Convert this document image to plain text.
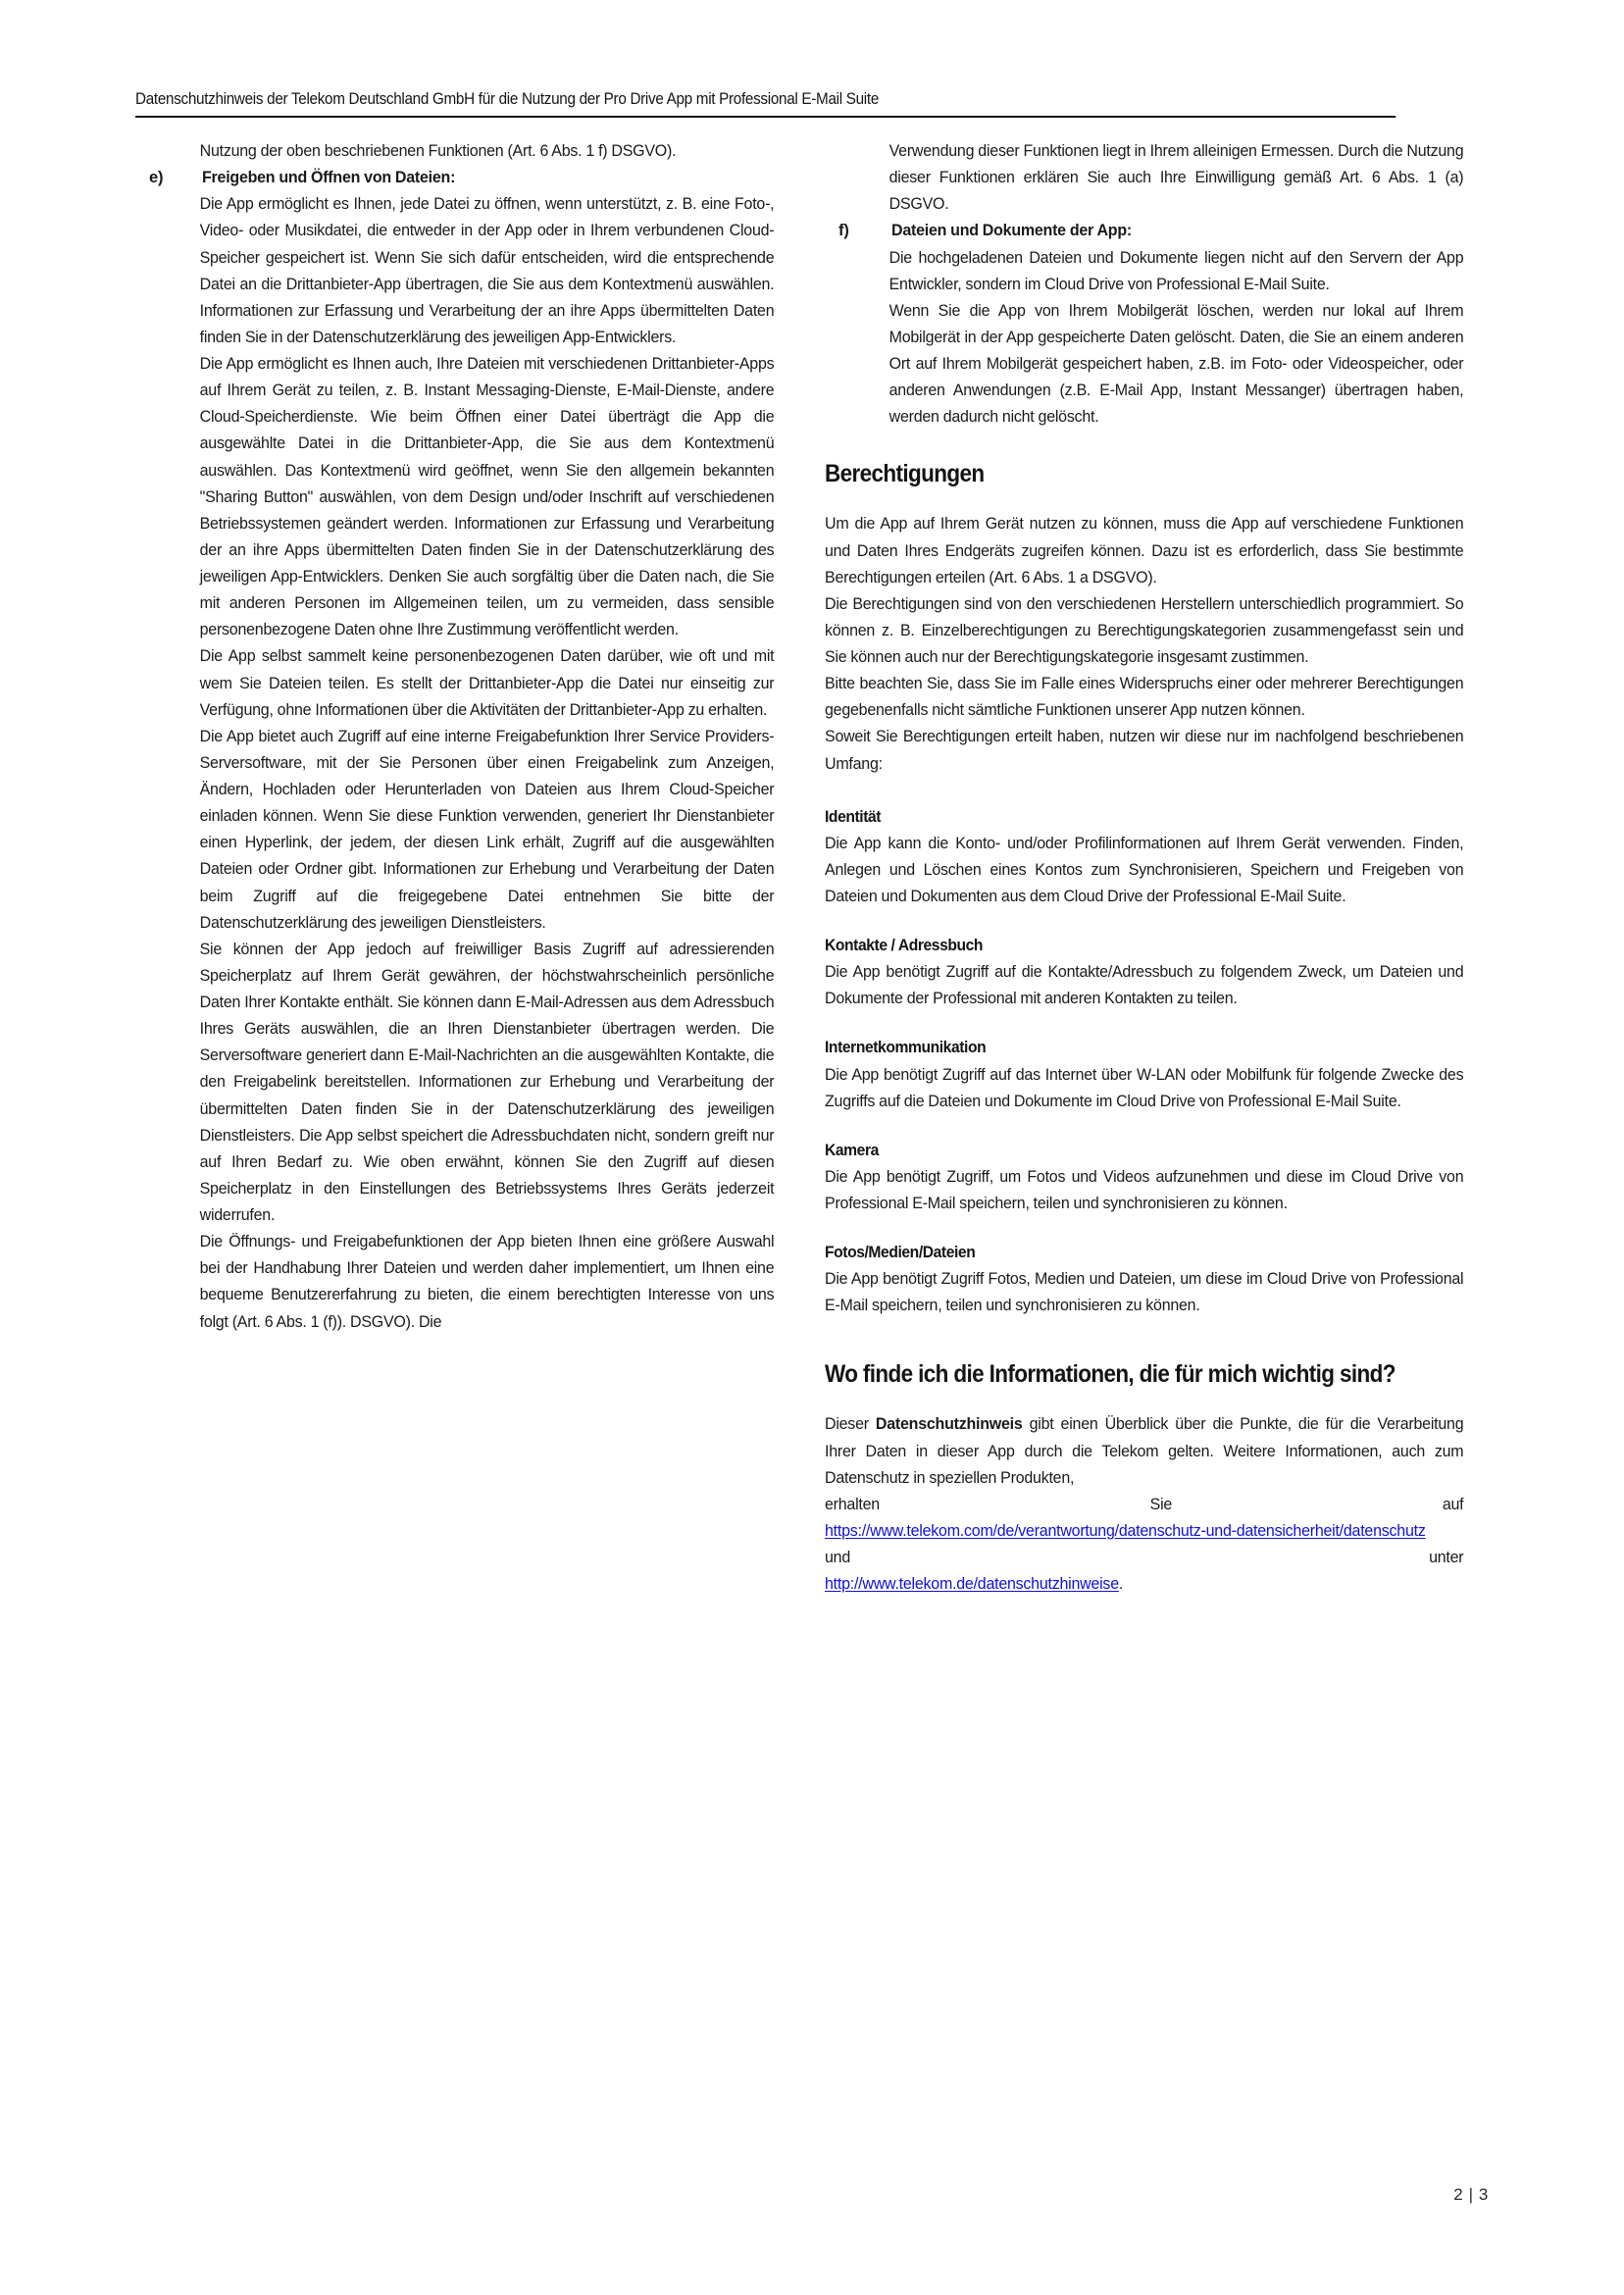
Datenschutzhinweis der Telekom Deutschland GmbH für die Nutzung der Pro Drive App mit Professional E-Mail Suite

Nutzung der oben beschriebenen Funktionen (Art. 6 Abs. 1 f) DSGVO).

e)	Freigeben und Öffnen von Dateien:

Die App ermöglicht es Ihnen, jede Datei zu öffnen, wenn unterstützt, z. B. eine Foto-, Video- oder Musikdatei, die entweder in der App oder in Ihrem verbundenen Cloud-Speicher gespeichert ist. Wenn Sie sich dafür entscheiden, wird die entsprechende Datei an die Drittanbieter-App übertragen, die Sie aus dem Kontextmenü auswählen. Informationen zur Erfassung und Verarbeitung der an ihre Apps übermittelten Daten finden Sie in der Datenschutzerklärung des jeweiligen App-Entwicklers.

Die App ermöglicht es Ihnen auch, Ihre Dateien mit verschiedenen Drittanbieter-Apps auf Ihrem Gerät zu teilen, z. B. Instant Messaging-Dienste, E-Mail-Dienste, andere Cloud-Speicherdienste. Wie beim Öffnen einer Datei überträgt die App die ausgewählte Datei in die Drittanbieter-App, die Sie aus dem Kontextmenü auswählen. Das Kontextmenü wird geöffnet, wenn Sie den allgemein bekannten "Sharing Button" auswählen, von dem Design und/oder Inschrift auf verschiedenen Betriebssystemen geändert werden. Informationen zur Erfassung und Verarbeitung der an ihre Apps übermittelten Daten finden Sie in der Datenschutzerklärung des jeweiligen App-Entwicklers. Denken Sie auch sorgfältig über die Daten nach, die Sie mit anderen Personen im Allgemeinen teilen, um zu vermeiden, dass sensible personenbezogene Daten ohne Ihre Zustimmung veröffentlicht werden.

Die App selbst sammelt keine personenbezogenen Daten darüber, wie oft und mit wem Sie Dateien teilen. Es stellt der Drittanbieter-App die Datei nur einseitig zur Verfügung, ohne Informationen über die Aktivitäten der Drittanbieter-App zu erhalten.

Die App bietet auch Zugriff auf eine interne Freigabefunktion Ihrer Service Providers-Serversoftware, mit der Sie Personen über einen Freigabelink zum Anzeigen, Ändern, Hochladen oder Herunterladen von Dateien aus Ihrem Cloud-Speicher einladen können. Wenn Sie diese Funktion verwenden, generiert Ihr Dienstanbieter einen Hyperlink, der jedem, der diesen Link erhält, Zugriff auf die ausgewählten Dateien oder Ordner gibt. Informationen zur Erhebung und Verarbeitung der Daten beim Zugriff auf die freigegebene Datei entnehmen Sie bitte der Datenschutzerklärung des jeweiligen Dienstleisters.

Sie können der App jedoch auf freiwilliger Basis Zugriff auf adressierenden Speicherplatz auf Ihrem Gerät gewähren, der höchstwahrscheinlich persönliche Daten Ihrer Kontakte enthält. Sie können dann E-Mail-Adressen aus dem Adressbuch Ihres Geräts auswählen, die an Ihren Dienstanbieter übertragen werden. Die Serversoftware generiert dann E-Mail-Nachrichten an die ausgewählten Kontakte, die den Freigabelink bereitstellen. Informationen zur Erhebung und Verarbeitung der übermittelten Daten finden Sie in der Datenschutzerklärung des jeweiligen Dienstleisters. Die App selbst speichert die Adressbuchdaten nicht, sondern greift nur auf Ihren Bedarf zu. Wie oben erwähnt, können Sie den Zugriff auf diesen Speicherplatz in den Einstellungen des Betriebssystems Ihres Geräts jederzeit widerrufen.

Die Öffnungs- und Freigabefunktionen der App bieten Ihnen eine größere Auswahl bei der Handhabung Ihrer Dateien und werden daher implementiert, um Ihnen eine bequeme Benutzererfahrung zu bieten, die einem berechtigten Interesse von uns folgt (Art. 6 Abs. 1 (f)). DSGVO). Die

Verwendung dieser Funktionen liegt in Ihrem alleinigen Ermessen. Durch die Nutzung dieser Funktionen erklären Sie auch Ihre Einwilligung gemäß Art. 6 Abs. 1 (a) DSGVO.

f)	Dateien und Dokumente der App:

Die hochgeladenen Dateien und Dokumente liegen nicht auf den Servern der App Entwickler, sondern im Cloud Drive von Professional E-Mail Suite.

Wenn Sie die App von Ihrem Mobilgerät löschen, werden nur lokal auf Ihrem Mobilgerät in der App gespeicherte Daten gelöscht. Daten, die Sie an einem anderen Ort auf Ihrem Mobilgerät gespeichert haben, z.B. im Foto- oder Videospeicher, oder anderen Anwendungen (z.B. E-Mail App, Instant Messanger) übertragen haben, werden dadurch nicht gelöscht.

Berechtigungen

Um die App auf Ihrem Gerät nutzen zu können, muss die App auf verschiedene Funktionen und Daten Ihres Endgeräts zugreifen können. Dazu ist es erforderlich, dass Sie bestimmte Berechtigungen erteilen (Art. 6 Abs. 1 a DSGVO).

Die Berechtigungen sind von den verschiedenen Herstellern unterschiedlich programmiert. So können z. B. Einzelberechtigungen zu Berechtigungskategorien zusammengefasst sein und Sie können auch nur der Berechtigungskategorie insgesamt zustimmen.

Bitte beachten Sie, dass Sie im Falle eines Widerspruchs einer oder mehrerer Berechtigungen gegebenenfalls nicht sämtliche Funktionen unserer App nutzen können.

Soweit Sie Berechtigungen erteilt haben, nutzen wir diese nur im nachfolgend beschriebenen Umfang:

Identität

Die App kann die Konto- und/oder Profilinformationen auf Ihrem Gerät verwenden. Finden, Anlegen und Löschen eines Kontos zum Synchronisieren, Speichern und Freigeben von Dateien und Dokumenten aus dem Cloud Drive der Professional E-Mail Suite.

Kontakte / Adressbuch

Die App benötigt Zugriff auf die Kontakte/Adressbuch zu folgendem Zweck, um Dateien und Dokumente der Professional mit anderen Kontakten zu teilen.

Internetkommunikation

Die App benötigt Zugriff auf das Internet über W-LAN oder Mobilfunk für folgende Zwecke des Zugriffs auf die Dateien und Dokumente im Cloud Drive von Professional E-Mail Suite.

Kamera

Die App benötigt Zugriff, um Fotos und Videos aufzunehmen und diese im Cloud Drive von Professional E-Mail speichern, teilen und synchronisieren zu können.

Fotos/Medien/Dateien

Die App benötigt Zugriff Fotos, Medien und Dateien, um diese im Cloud Drive von Professional E-Mail speichern, teilen und synchronisieren zu können.

Wo finde ich die Informationen, die für mich wichtig sind?

Dieser Datenschutzhinweis gibt einen Überblick über die Punkte, die für die Verarbeitung Ihrer Daten in dieser App durch die Telekom gelten. Weitere Informationen, auch zum Datenschutz in speziellen Produkten,

erhalten	Sie	auf

https://www.telekom.com/de/verantwortung/datenschutz-und-datensicherheit/datenschutz

und	unter

http://www.telekom.de/datenschutzhinweise.

2 | 3
